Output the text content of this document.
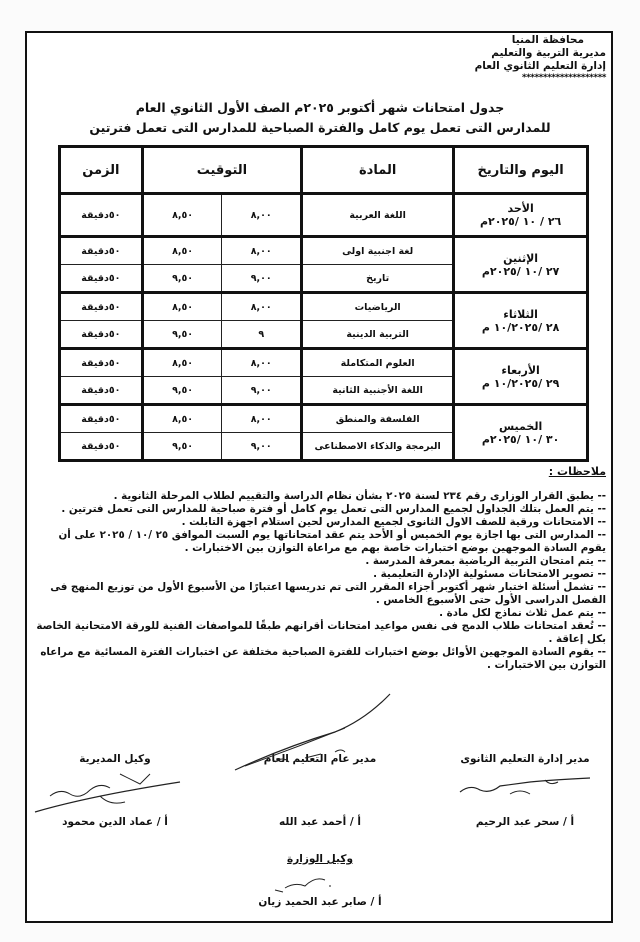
محافظة المنيا
مديرية التربية والتعليم
إدارة التعليم الثانوي العام
********************
جدول امتحانات شهر أكتوبر ٢٠٢٥م الصف الأول الثانوي العام
للمدارس التى تعمل يوم كامل والفترة الصباحية للمدارس التى تعمل فترتين
اليوم والتاريخ	المادة	التوقيت		الزمن

الأحد
٢٦ / ١٠ /٢٠٢٥م	اللغة العربية	٨,٠٠	٨,٥٠	٥٠دقيقة

الإثنين
٢٧ /١٠ /٢٠٢٥م	لغة اجنبية اولى	٨,٠٠	٨,٥٠	٥٠دقيقة
	تاريخ	٩,٠٠	٩,٥٠	٥٠دقيقة

الثلاثاء
٢٨ /١٠/٢٠٢٥ م	الرياضيات	٨,٠٠	٨,٥٠	٥٠دقيقة
	التربية الدينية	٩	٩,٥٠	٥٠دقيقة

الأربعاء
٢٩ /١٠/٢٠٢٥ م	العلوم المتكاملة	٨,٠٠	٨,٥٠	٥٠دقيقة
	اللغة الأجنبية الثانية	٩,٠٠	٩,٥٠	٥٠دقيقة

الخميس
٣٠ /١٠ /٢٠٢٥م	الفلسفة والمنطق	٨,٠٠	٨,٥٠	٥٠دقيقة
	البرمجة والذكاء الاصطناعى	٩,٠٠	٩,٥٠	٥٠دقيقة
ملاحظات :

-- يطبق القرار الوزارى رقم ٢٣٤ لسنة ٢٠٢٥ بشأن نظام الدراسة والتقييم لطلاب المرحلة الثانوية .

-- يتم العمل بتلك الجداول لجميع المدارس التى تعمل يوم كامل أو فترة صباحية للمدارس التى تعمل فترتين .

-- الامتحانات ورقية للصف الاول الثانوى لجميع المدارس لحين استلام اجهزة التابلت .

-- المدارس التى بها اجازة يوم الخميس أو الأحد يتم عقد امتحاناتها يوم السبت الموافق ٢٥ /١٠ / ٢٠٢٥ على أن يقوم السادة الموجهين بوضع اختبارات خاصة بهم مع مراعاة التوازن بين الاختبارات .

-- يتم امتحان التربية الرياضية بمعرفة المدرسة .

-- تصوير الامتحانات مسئولية الإدارة التعليمية .

-- تشمل أسئلة اختبار شهر أكتوبر أجزاء المقرر التى تم تدريسها اعتبارًا من الأسبوع الأول من توزيع المنهج فى الفصل الدراسى الأول حتى الأسبوع الخامس .

-- يتم عمل ثلاث نماذج لكل مادة .

-- تُعقد امتحانات طلاب الدمج فى نفس مواعيد امتحانات أقرانهم طبقًا للمواصفات الفنية للورقة الامتحانية الخاصة بكل إعاقة .

-- يقوم السادة الموجهين الأوائل بوضع اختبارات للفترة الصباحية مختلفة عن اختبارات الفترة المسائية مع مراعاه التوازن بين الاختبارات .

مدير إدارة التعليم الثانوى
أ / سحر عبد الرحيم
مدير عام التعليم العام
أ / أحمد عبد الله
وكيل المديرية
أ / عماد الدين محمود
وكيل الوزارة
أ / صابر عبد الحميد زيان
